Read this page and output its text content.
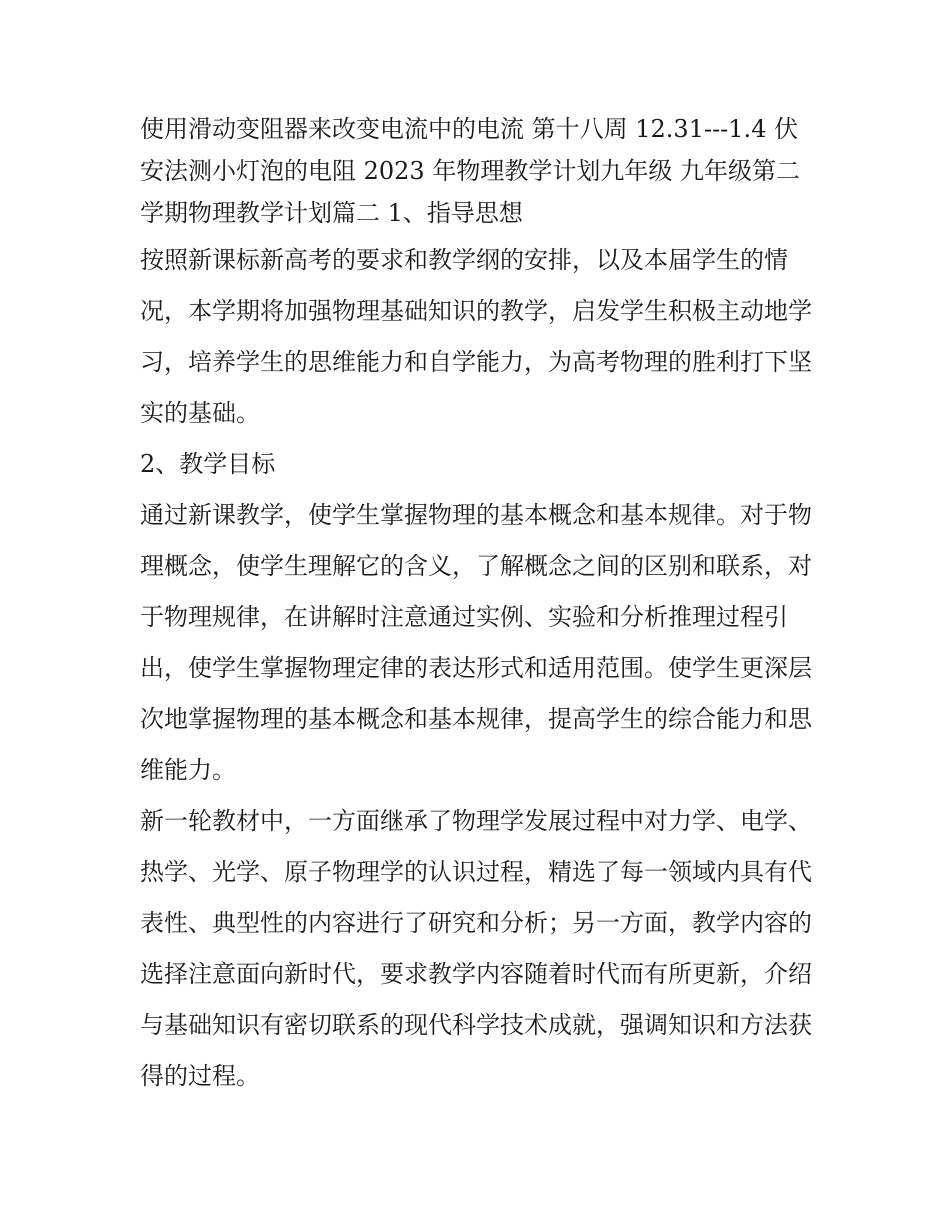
使用滑动变阻器来改变电流中的电流 第十八周 12.31---1.4 伏安法测小灯泡的电阻 2023 年物理教学计划九年级 九年级第二学期物理教学计划篇二 1、指导思想

按照新课标新高考的要求和教学纲的安排，以及本届学生的情况，本学期将加强物理基础知识的教学，启发学生积极主动地学习，培养学生的思维能力和自学能力，为高考物理的胜利打下坚实的基础。

2、教学目标

通过新课教学，使学生掌握物理的基本概念和基本规律。对于物理概念，使学生理解它的含义，了解概念之间的区别和联系，对于物理规律，在讲解时注意通过实例、实验和分析推理过程引出，使学生掌握物理定律的表达形式和适用范围。使学生更深层次地掌握物理的基本概念和基本规律，提高学生的综合能力和思维能力。

新一轮教材中，一方面继承了物理学发展过程中对力学、电学、热学、光学、原子物理学的认识过程，精选了每一领域内具有代表性、典型性的内容进行了研究和分析；另一方面，教学内容的选择注意面向新时代，要求教学内容随着时代而有所更新，介绍与基础知识有密切联系的现代科学技术成就，强调知识和方法获得的过程。
